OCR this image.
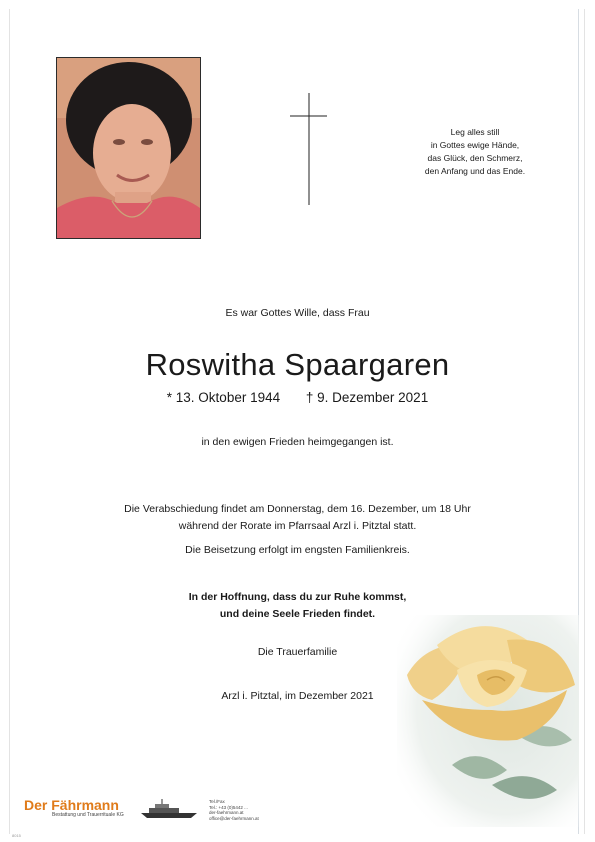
Leg alles still
in Gottes ewige Hände,
das Glück, den Schmerz,
den Anfang und das Ende.
Es war Gottes Wille, dass Frau
Roswitha Spaargaren
* 13. Oktober 1944 † 9. Dezember 2021
in den ewigen Frieden heimgegangen ist.
Die Verabschiedung findet am Donnerstag, dem 16. Dezember, um 18 Uhr
während der Rorate im Pfarrsaal Arzl i. Pitztal statt.
Die Beisetzung erfolgt im engsten Familienkreis.
In der Hoffnung, dass du zur Ruhe kommst,
und deine Seele Frieden findet.
Die Trauerfamilie
Arzl i. Pitztal, im Dezember 2021
Der Fährmann
Bestattung und Trauerrituale KG
Tel./Fax
Tel.: +43 (0)5442 ...
der-faehrmann.at
office@der-faehrmann.at
8015
